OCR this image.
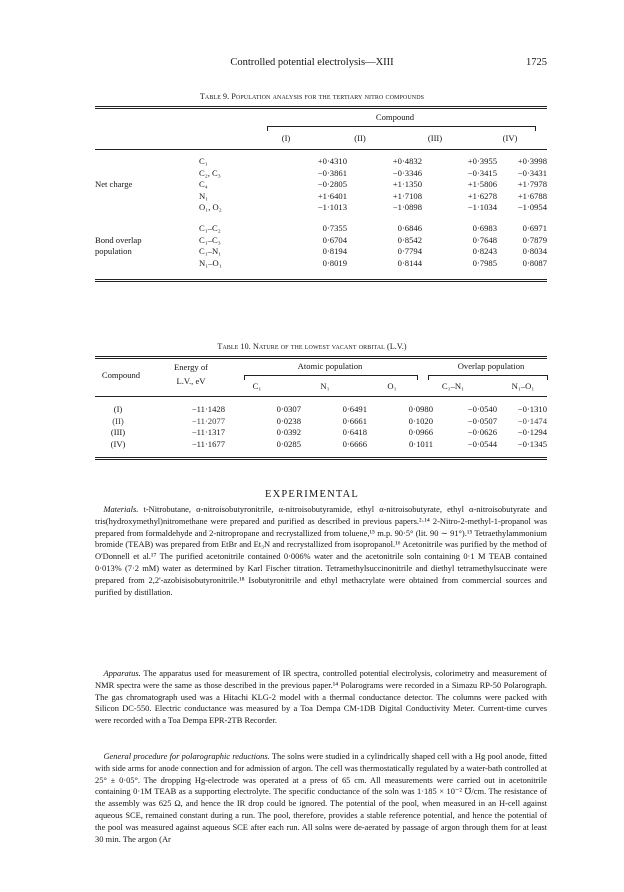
Controlled potential electrolysis—XIII	1725
Table 9. Population analysis for the tertiary nitro compounds
Compound
(I)	(II)	(III)	(IV)
	C₁	+0·4310	+0·4832	+0·3955	+0·3998
	C₂, C₃	−0·3861	−0·3346	−0·3415	−0·3431
Net charge	C₄	−0·2805	+1·1350	+1·5806	+1·7978
	N₁	+1·6401	+1·7108	+1·6278	+1·6788
	O₁, O₂	−1·1013	−1·0898	−1·1034	−1·0954
	C₁–C₂	0·7355	0·6846	0·6983	0·6971
Bond overlap	C₁–C₃	0·6704	0·8542	0·7648	0·7879
population	C₁–N₁	0·8194	0·7794	0·8243	0·8034
	N₁–O₁	0·8019	0·8144	0·7985	0·8087
Table 10. Nature of the lowest vacant orbital (L.V.)
Compound
Energy of
L.V., eV
Atomic population	Overlap population
C₁	N₁	O₁	C₁–N₁	N₁–O₁
(I)	−11·1428	0·0307	0·6491	0·0980	−0·0540	−0·1310
(II)	−11·2077	0·0238	0·6661	0·1020	−0·0507	−0·1474
(III)	−11·1317	0·0392	0·6418	0·0966	−0·0626	−0·1294
(IV)	−11·1677	0·0285	0·6666	0·1011	−0·0544	−0·1345
EXPERIMENTAL

 Materials. t-Nitrobutane, α-nitroisobutyronitrile, α-nitroisobutyramide, ethyl α-nitroisobutyrate, ethyl α-nitroisobutyrate and tris(hydroxymethyl)nitromethane were prepared and purified as described in previous papers.²·¹⁴ 2-Nitro-2-methyl-1-propanol was prepared from formaldehyde and 2-nitropropane and recrystallized from toluene,¹⁵ m.p. 90·5° (lit. 90 ∼ 91°).¹⁵ Tetraethylammonium bromide (TEAB) was prepared from EtBr and Et₃N and recrystallized from isopropanol.¹⁶ Acetonitrile was purified by the method of O'Donnell et al.¹⁷ The purified acetonitrile contained 0·006% water and the acetonitrile soln containing 0·1 M TEAB contained 0·013% (7·2 mM) water as determined by Karl Fischer titration. Tetramethylsuccinonitrile and diethyl tetramethylsuccinate were prepared from 2,2'-azobisisobutyronitrile.¹⁸ Isobutyronitrile and ethyl methacrylate were obtained from commercial sources and purified by distillation.

 Apparatus. The apparatus used for measurement of IR spectra, controlled potential electrolysis, colorimetry and measurement of NMR spectra were the same as those described in the previous paper.¹⁴ Polarograms were recorded in a Simazu RP-50 Polarograph. The gas chromatograph used was a Hitachi KLG-2 model with a thermal conductance detector. The columns were packed with Silicon DC-550. Electric conductance was measured by a Toa Dempa CM-1DB Digital Conductivity Meter. Current-time curves were recorded with a Toa Dempa EPR-2TB Recorder.

 General procedure for polarographic reductions. The solns were studied in a cylindrically shaped cell with a Hg pool anode, fitted with side arms for anode connection and for admission of argon. The cell was thermostatically regulated by a water-bath controlled at 25° ± 0·05°. The dropping Hg-electrode was operated at a press of 65 cm. All measurements were carried out in acetonitrile containing 0·1M TEAB as a supporting electrolyte. The specific conductance of the soln was 1·185 × 10⁻² ℧/cm. The resistance of the assembly was 625 Ω, and hence the IR drop could be ignored. The potential of the pool, when measured in an H-cell against aqueous SCE, remained constant during a run. The pool, therefore, provides a stable reference potential, and hence the potential of the pool was measured against aqueous SCE after each run. All solns were de-aerated by passage of argon through them for at least 30 min. The argon (Ar
